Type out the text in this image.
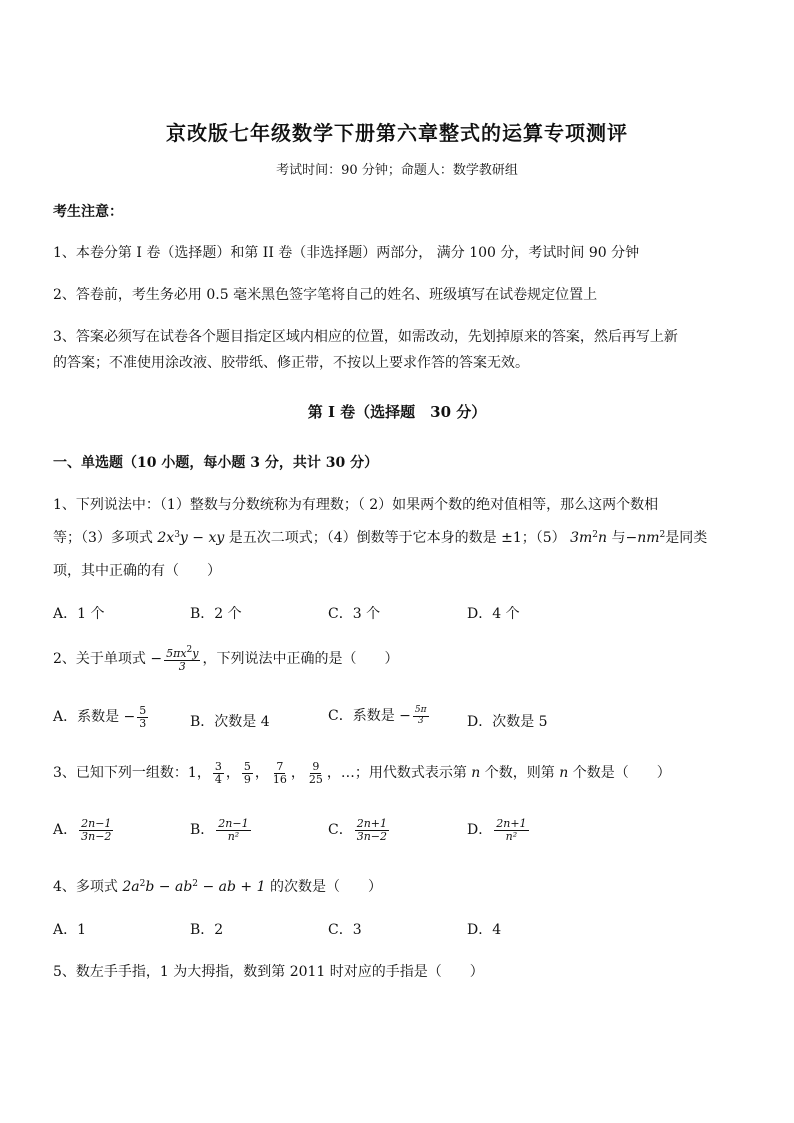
京改版七年级数学下册第六章整式的运算专项测评
考试时间：90 分钟；命题人：数学教研组
考生注意：
1、本卷分第 I 卷（选择题）和第 II 卷（非选择题）两部分， 满分 100 分，考试时间 90 分钟
2、答卷前，考生务必用 0.5 毫米黑色签字笔将自己的姓名、班级填写在试卷规定位置上
3、答案必须写在试卷各个题目指定区域内相应的位置，如需改动，先划掉原来的答案，然后再写上新
的答案；不准使用涂改液、胶带纸、修正带，不按以上要求作答的答案无效。
第 I 卷（选择题　30 分）
一、单选题（10 小题，每小题 3 分，共计 30 分）
1、下列说法中：（1）整数与分数统称为有理数；（ 2）如果两个数的绝对值相等，那么这两个数相
等；（3）多项式 $2x^3y$ − xy 是五次二项式；（4）倒数等于它本身的数是 ±1；（5） $3m^2n$ 与$-nm^2$是同类
项，其中正确的有（　　）
A．1 个	B．2 个	C．3 个	D．4 个
2、关于单项式 − $\frac{5\pi x^2y}{3}$ ，下列说法中正确的是（　　）
A．系数是 − $\frac{5}{3}$	B．次数是 4	C．系数是 − $\frac{5\pi}{3}$	D．次数是 5
3、已知下列一组数：1， $\frac{3}{4}$ ， $\frac{5}{9}$ ， $\frac{7}{16}$ ， $\frac{9}{25}$ ，…；用代数式表示第 n 个数，则第 n 个数是（　　）
A． $\frac{2n-1}{3n-2}$	B． $\frac{2n-1}{\text{n²}}$	C． $\frac{2n+1}{3n-2}$	D． $\frac{2n+1}{\text{n²}}$
4、多项式 $2a^2b - ab^2$ − ab + 1 的次数是（　　）
A．1	B．2	C．3	D．4
5、数左手手指，1 为大拇指，数到第 2011 时对应的手指是（　　）
